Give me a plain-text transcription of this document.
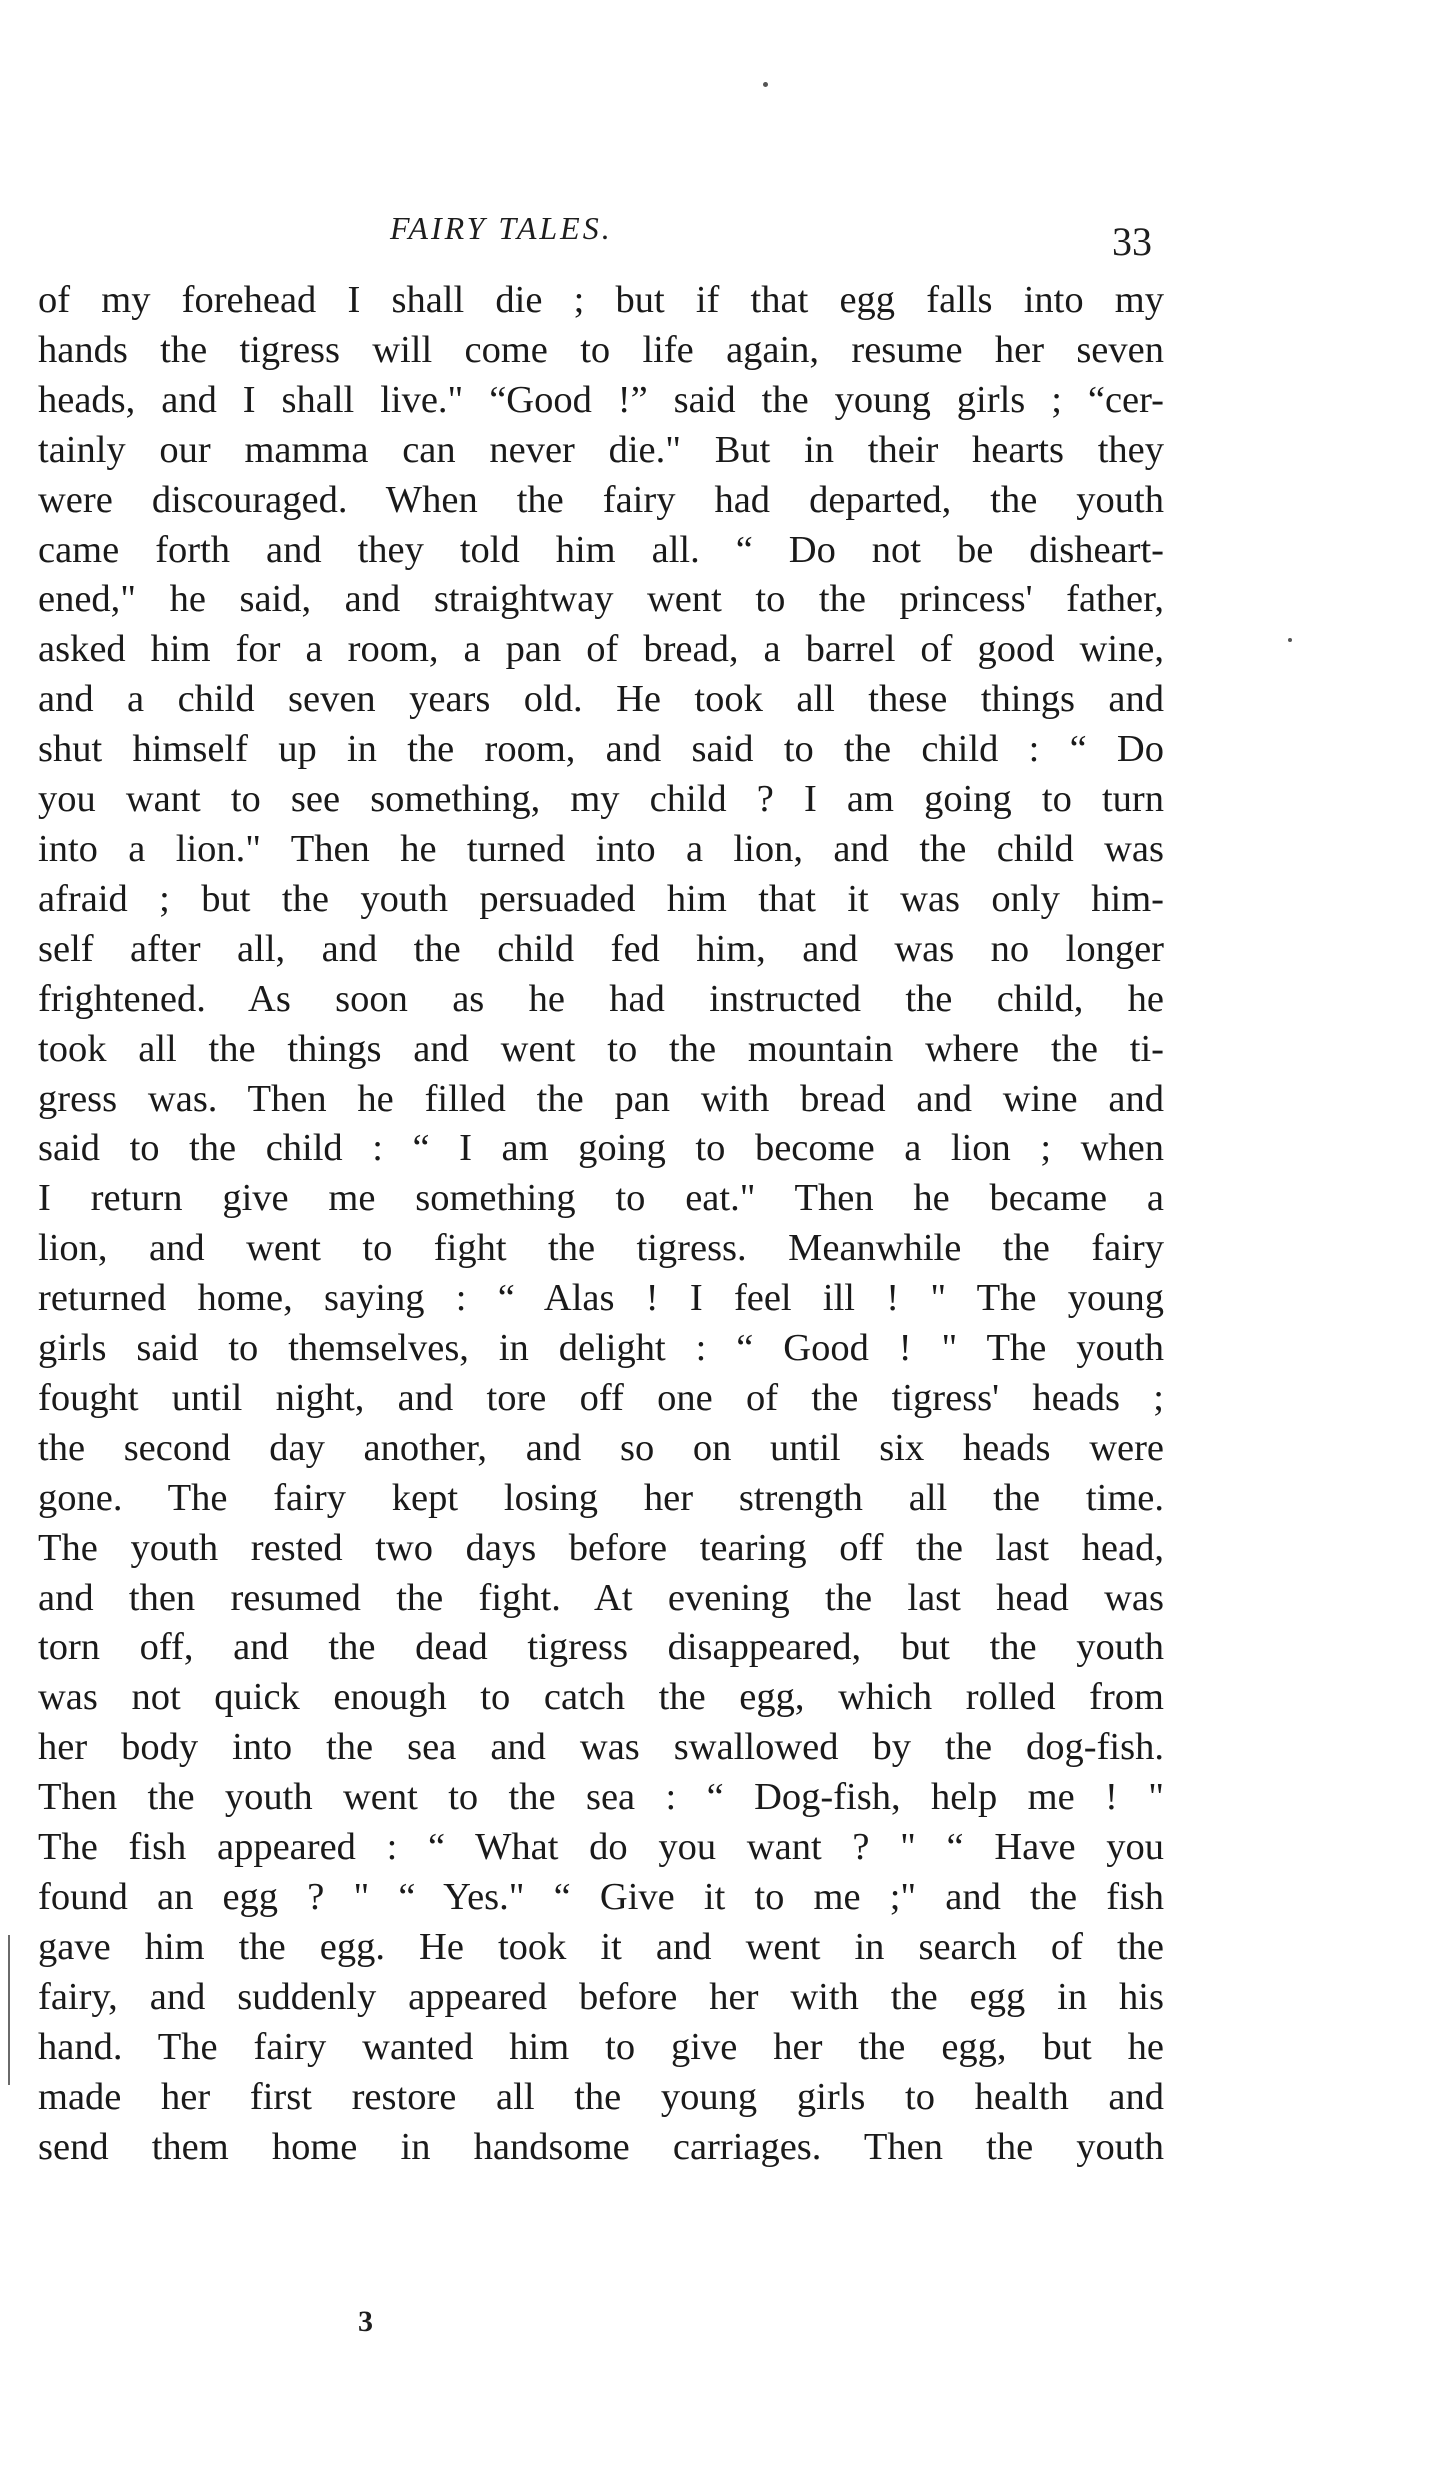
FAIRY TALES.	33
of my forehead I shall die ; but if that egg falls into my
hands the tigress will come to life again, resume her seven
heads, and I shall live." “Good !” said the young girls ; “cer-
tainly our mamma can never die." But in their hearts they
were discouraged. When the fairy had departed, the youth
came forth and they told him all. “ Do not be disheart-
ened," he said, and straightway went to the princess' father,
asked him for a room, a pan of bread, a barrel of good wine,
and a child seven years old. He took all these things and
shut himself up in the room, and said to the child : “ Do
you want to see something, my child ? I am going to turn
into a lion." Then he turned into a lion, and the child was
afraid ; but the youth persuaded him that it was only him-
self after all, and the child fed him, and was no longer
frightened. As soon as he had instructed the child, he
took all the things and went to the mountain where the ti-
gress was. Then he filled the pan with bread and wine and
said to the child : “ I am going to become a lion ; when
I return give me something to eat." Then he became a
lion, and went to fight the tigress. Meanwhile the fairy
returned home, saying : “ Alas ! I feel ill ! " The young
girls said to themselves, in delight : “ Good ! " The youth
fought until night, and tore off one of the tigress' heads ;
the second day another, and so on until six heads were
gone. The fairy kept losing her strength all the time.
The youth rested two days before tearing off the last head,
and then resumed the fight. At evening the last head was
torn off, and the dead tigress disappeared, but the youth
was not quick enough to catch the egg, which rolled from
her body into the sea and was swallowed by the dog-fish.
Then the youth went to the sea : “ Dog-fish, help me ! "
The fish appeared : “ What do you want ? " “ Have you
found an egg ? " “ Yes." “ Give it to me ;" and the fish
gave him the egg. He took it and went in search of the
fairy, and suddenly appeared before her with the egg in his
hand. The fairy wanted him to give her the egg, but he
made her first restore all the young girls to health and
send them home in handsome carriages. Then the youth
3
